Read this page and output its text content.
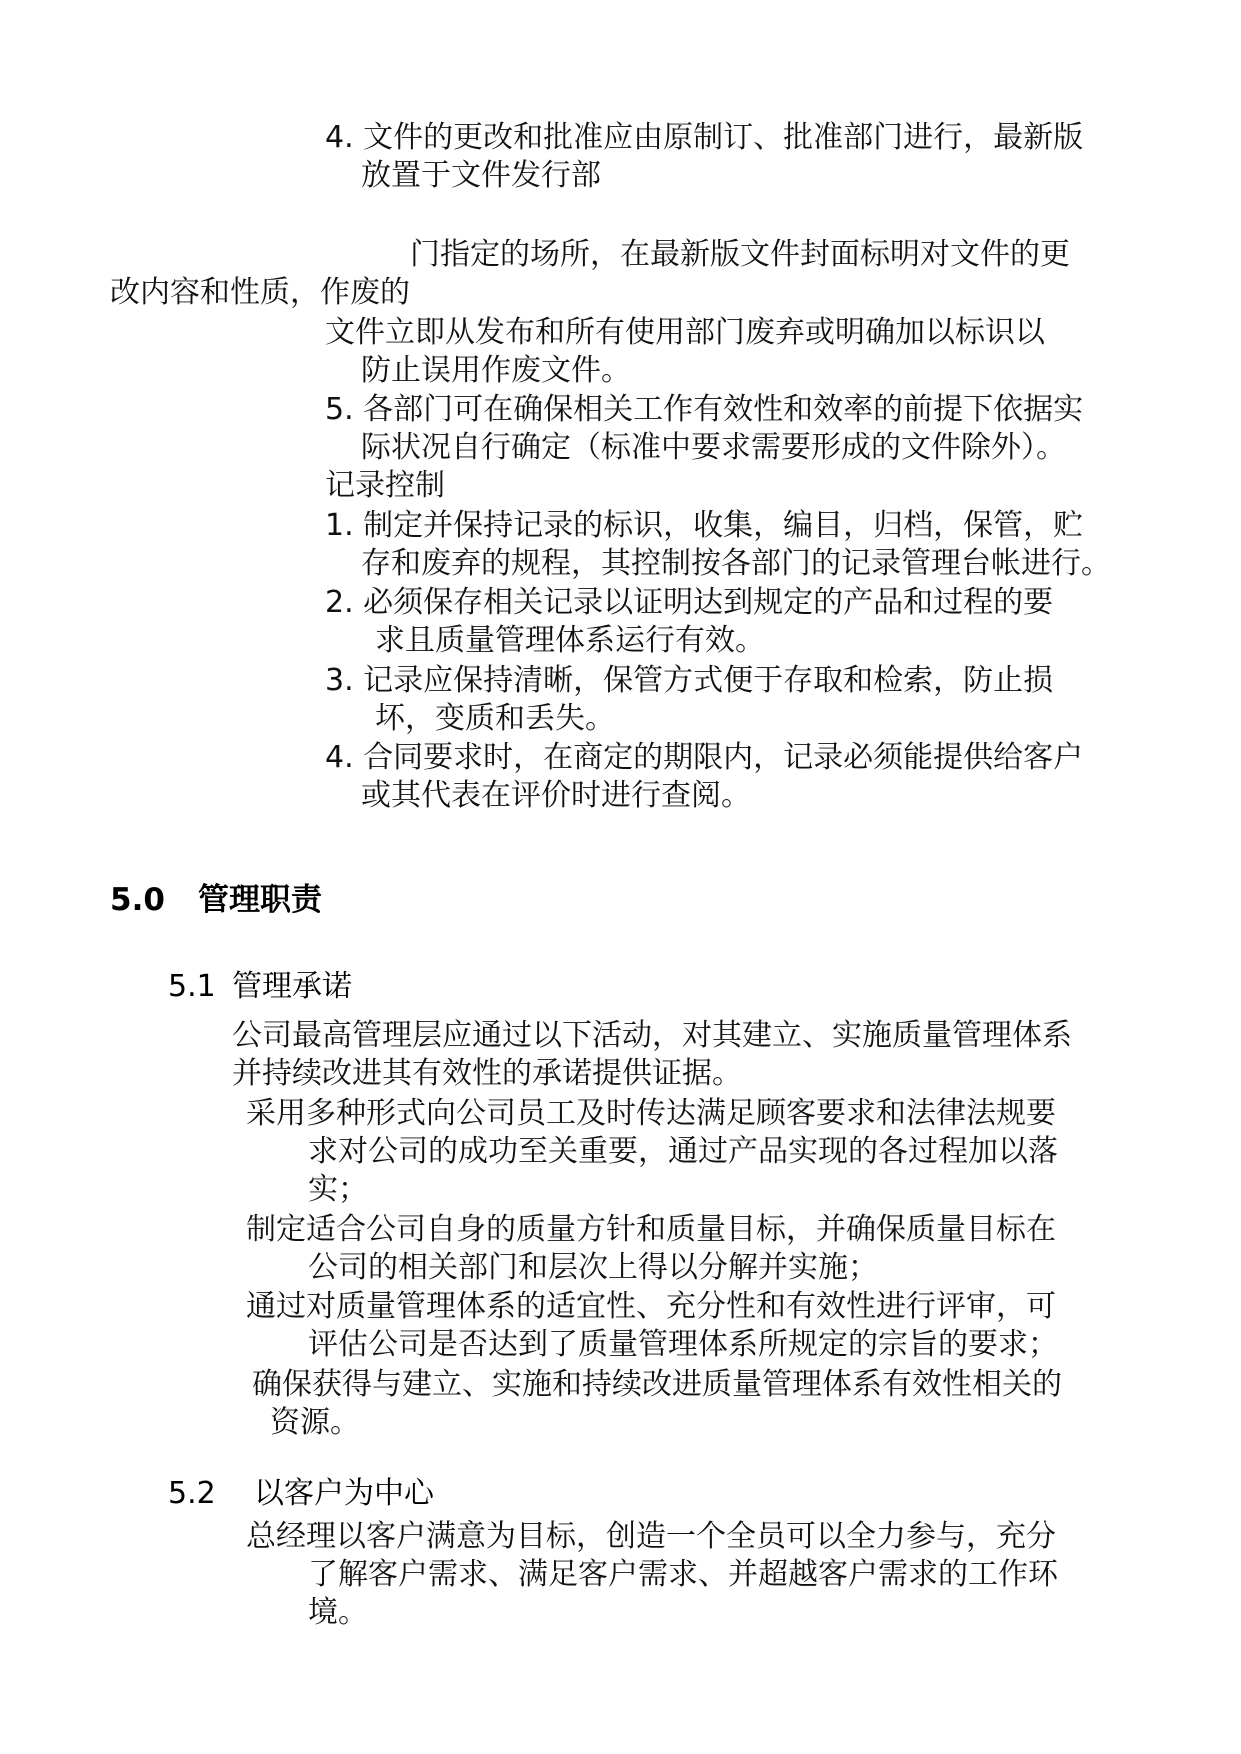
4. 文件的更改和批准应由原制订、批准部门进行，最新版
放置于文件发行部
门指定的场所，在最新版文件封面标明对文件的更
改内容和性质，作废的
文件立即从发布和所有使用部门废弃或明确加以标识以
防止误用作废文件。
5. 各部门可在确保相关工作有效性和效率的前提下依据实
际状况自行确定（标准中要求需要形成的文件除外）。
记录控制
1. 制定并保持记录的标识，收集，编目，归档，保管，贮
存和废弃的规程，其控制按各部门的记录管理台帐进行。
2. 必须保存相关记录以证明达到规定的产品和过程的要
求且质量管理体系运行有效。
3. 记录应保持清晰，保管方式便于存取和检索，防止损
坏，变质和丢失。
4. 合同要求时，在商定的期限内，记录必须能提供给客户
或其代表在评价时进行查阅。
5.0 管理职责
5.1 管理承诺
公司最高管理层应通过以下活动，对其建立、实施质量管理体系
并持续改进其有效性的承诺提供证据。
采用多种形式向公司员工及时传达满足顾客要求和法律法规要
求对公司的成功至关重要，通过产品实现的各过程加以落
实；
制定适合公司自身的质量方针和质量目标，并确保质量目标在
公司的相关部门和层次上得以分解并实施；
通过对质量管理体系的适宜性、充分性和有效性进行评审，可
评估公司是否达到了质量管理体系所规定的宗旨的要求；
确保获得与建立、实施和持续改进质量管理体系有效性相关的
资源。
5.2 以客户为中心
总经理以客户满意为目标，创造一个全员可以全力参与，充分
了解客户需求、满足客户需求、并超越客户需求的工作环
境。
